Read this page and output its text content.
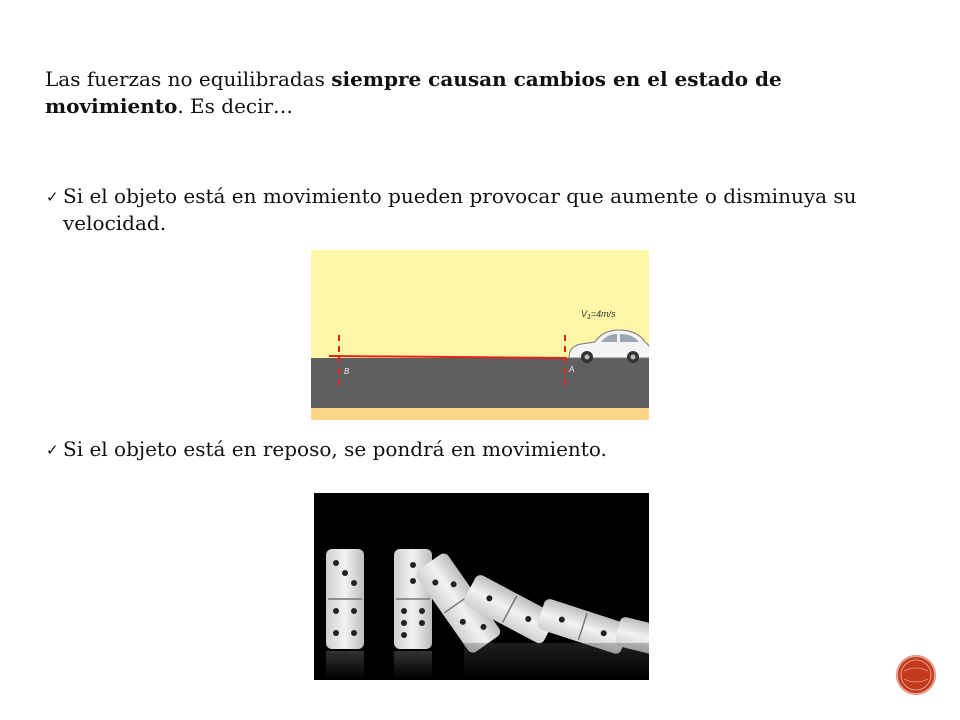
Las fuerzas no equilibradas siempre causan cambios en el estado de movimiento. Es decir…
✓ Si el objeto está en movimiento pueden provocar que aumente o disminuya su velocidad.
$V_1=4m/s$
B	A
✓ Si el objeto está en reposo, se pondrá en movimiento.
